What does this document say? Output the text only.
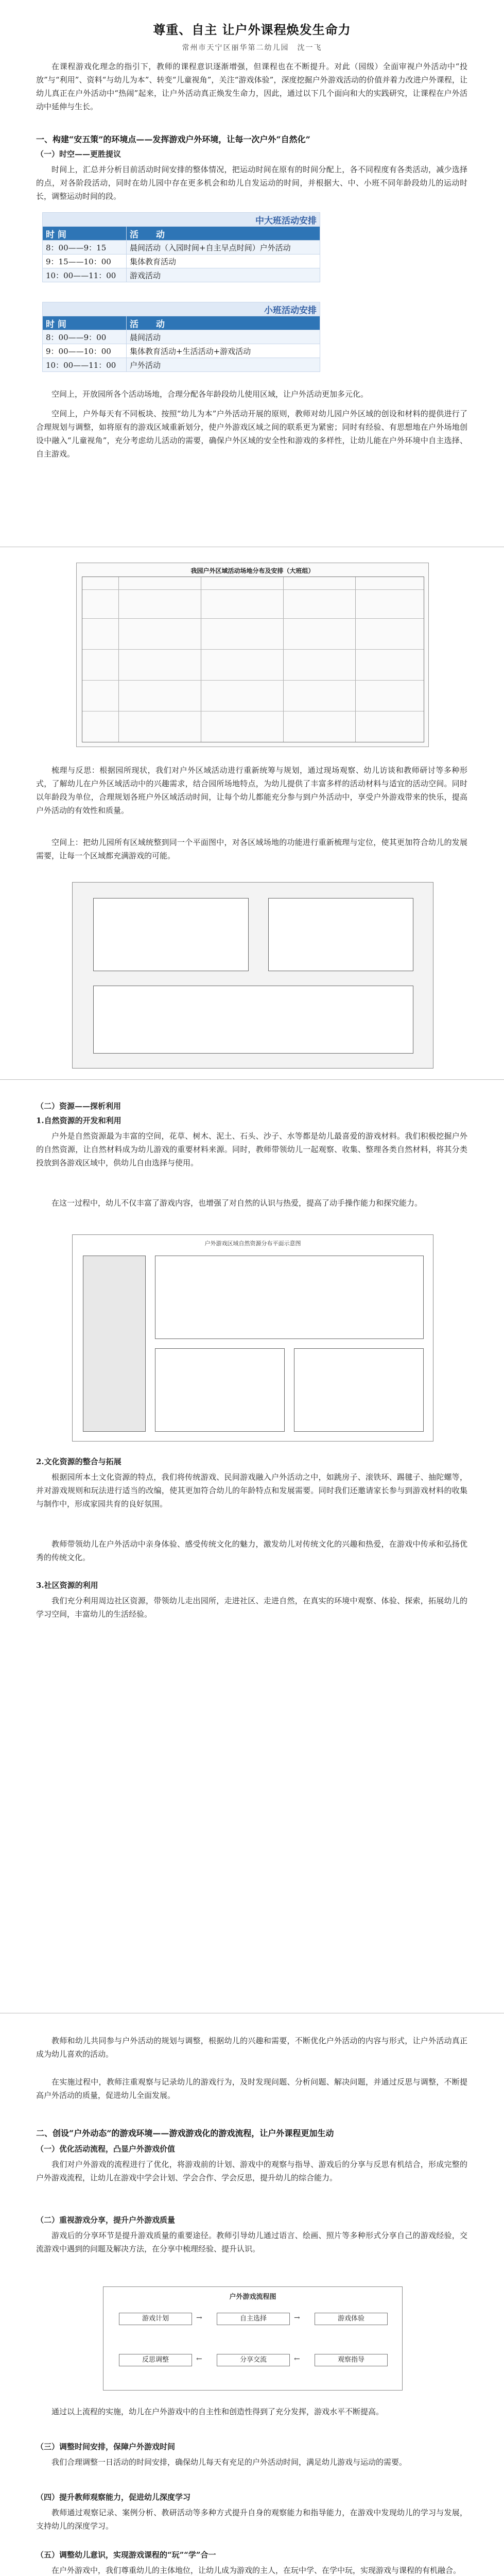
尊重、自主 让户外课程焕发生命力
常州市天宁区丽华第二幼儿园　沈一飞

在课程游戏化理念的指引下，教师的课程意识逐渐增强，但课程也在不断提升。对此（园级）全面审视户外活动中“投放”与“利用”、资料“与幼儿为本”、转变“儿童视角”，关注“游戏体验”，深度挖掘户外游戏活动的价值并着力改进户外课程，让幼儿真正在户外活动中“热闹”起来，让户外活动真正焕发生命力，因此，通过以下几个面向和大的实践研究，让课程在户外活动中延伸与生长。

一、构建“安五策”的环境点——发挥游戏户外环境，让每一次户外“自然化”

（一）时空——更胜提议

时间上，汇总并分析目前活动时间安排的整体情况，把运动时间在原有的时间分配上，各不同程度有各类活动，减少选择的点，对各阶段活动，同时在幼儿园中存在更多机会和幼儿自发运动的时间，并根据大、中、小班不同年龄段幼儿的运动时长，调整运动时间的段。

中大班活动安排	
时 间	活　　动
8：00——9：15	晨间活动（入园时间+自主早点时间）户外活动
9：15——10：00	集体教育活动
10：00——11：00	游戏活动
小班活动安排	
时 间	活　　动
8：00——9：00	晨间活动
9：00——10：00	集体教育活动+生活活动+游戏活动
10：00——11：00	户外活动

空间上，开放园所各个活动场地，合理分配各年龄段幼儿使用区域，让户外活动更加多元化。

空间上，户外每天有不同板块、按照“幼儿为本”户外活动开展的原则，教师对幼儿园户外区域的创设和材料的提供进行了合理规划与调整，如将原有的游戏区域重新划分，使户外游戏区域之间的联系更为紧密；同时有经验、有思想地在户外场地创设中融入“儿童视角”，充分考虑幼儿活动的需要，确保户外区域的安全性和游戏的多样性，让幼儿能在户外环境中自主选择、自主游戏。

我园户外区域活动场地分布及安排（大班组）

梳理与反思：根据园所现状，我们对户外区域活动进行重新统筹与规划，通过现场观察、幼儿访谈和教师研讨等多种形式，了解幼儿在户外区域活动中的兴趣需求，结合园所场地特点，为幼儿提供了丰富多样的活动材料与适宜的活动空间。同时以年龄段为单位，合理规划各班户外区域活动时间，让每个幼儿都能充分参与到户外活动中，享受户外游戏带来的快乐，提高户外活动的有效性和质量。

空间上：把幼儿园所有区域统整到同一个平面图中，对各区域场地的功能进行重新梳理与定位，使其更加符合幼儿的发展需要，让每一个区域都充满游戏的可能。

（二）资源——探析利用

1.自然资源的开发和利用

户外是自然资源最为丰富的空间，花草、树木、泥土、石头、沙子、水等都是幼儿最喜爱的游戏材料。我们积极挖掘户外的自然资源，让自然材料成为幼儿游戏的重要材料来源。同时，教师带领幼儿一起观察、收集、整理各类自然材料，将其分类投放到各游戏区域中，供幼儿自由选择与使用。

在这一过程中，幼儿不仅丰富了游戏内容，也增强了对自然的认识与热爱，提高了动手操作能力和探究能力。

户外游戏区域自然资源分布平面示意图

2.文化资源的整合与拓展

根据园所本土文化资源的特点，我们将传统游戏、民间游戏融入户外活动之中，如跳房子、滚铁环、踢毽子、抽陀螺等，并对游戏规则和玩法进行适当的改编，使其更加符合幼儿的年龄特点和发展需要。同时我们还邀请家长参与到游戏材料的收集与制作中，形成家园共育的良好氛围。

教师带领幼儿在户外活动中亲身体验、感受传统文化的魅力，激发幼儿对传统文化的兴趣和热爱，在游戏中传承和弘扬优秀的传统文化。

3.社区资源的利用

我们充分利用周边社区资源，带领幼儿走出园所，走进社区、走进自然，在真实的环境中观察、体验、探索，拓展幼儿的学习空间，丰富幼儿的生活经验。

教师和幼儿共同参与户外活动的规划与调整，根据幼儿的兴趣和需要，不断优化户外活动的内容与形式，让户外活动真正成为幼儿喜欢的活动。

在实施过程中，教师注重观察与记录幼儿的游戏行为，及时发现问题、分析问题、解决问题，并通过反思与调整，不断提高户外活动的质量，促进幼儿全面发展。

二、创设“户外动态”的游戏环境——游戏游戏化的游戏流程，让户外课程更加生动

（一）优化活动流程，凸显户外游戏价值

我们对户外游戏的流程进行了优化，将游戏前的计划、游戏中的观察与指导、游戏后的分享与反思有机结合，形成完整的户外游戏流程，让幼儿在游戏中学会计划、学会合作、学会反思，提升幼儿的综合能力。

（二）重视游戏分享，提升户外游戏质量

游戏后的分享环节是提升游戏质量的重要途径。教师引导幼儿通过语言、绘画、照片等多种形式分享自己的游戏经验，交流游戏中遇到的问题及解决方法，在分享中梳理经验、提升认识。

户外游戏流程图
游戏计划	→	自主选择	→	游戏体验
观察指导
←
分享交流
←
反思调整

通过以上流程的实施，幼儿在户外游戏中的自主性和创造性得到了充分发挥，游戏水平不断提高。

（三）调整时间安排，保障户外游戏时间

我们合理调整一日活动的时间安排，确保幼儿每天有充足的户外活动时间，满足幼儿游戏与运动的需要。

（四）提升教师观察能力，促进幼儿深度学习

教师通过观察记录、案例分析、教研活动等多种方式提升自身的观察能力和指导能力，在游戏中发现幼儿的学习与发展，支持幼儿的深度学习。

（五）调整幼儿意识，实现游戏课程的“玩”“学”合一

在户外游戏中，我们尊重幼儿的主体地位，让幼儿成为游戏的主人，在玩中学、在学中玩，实现游戏与课程的有机融合。
